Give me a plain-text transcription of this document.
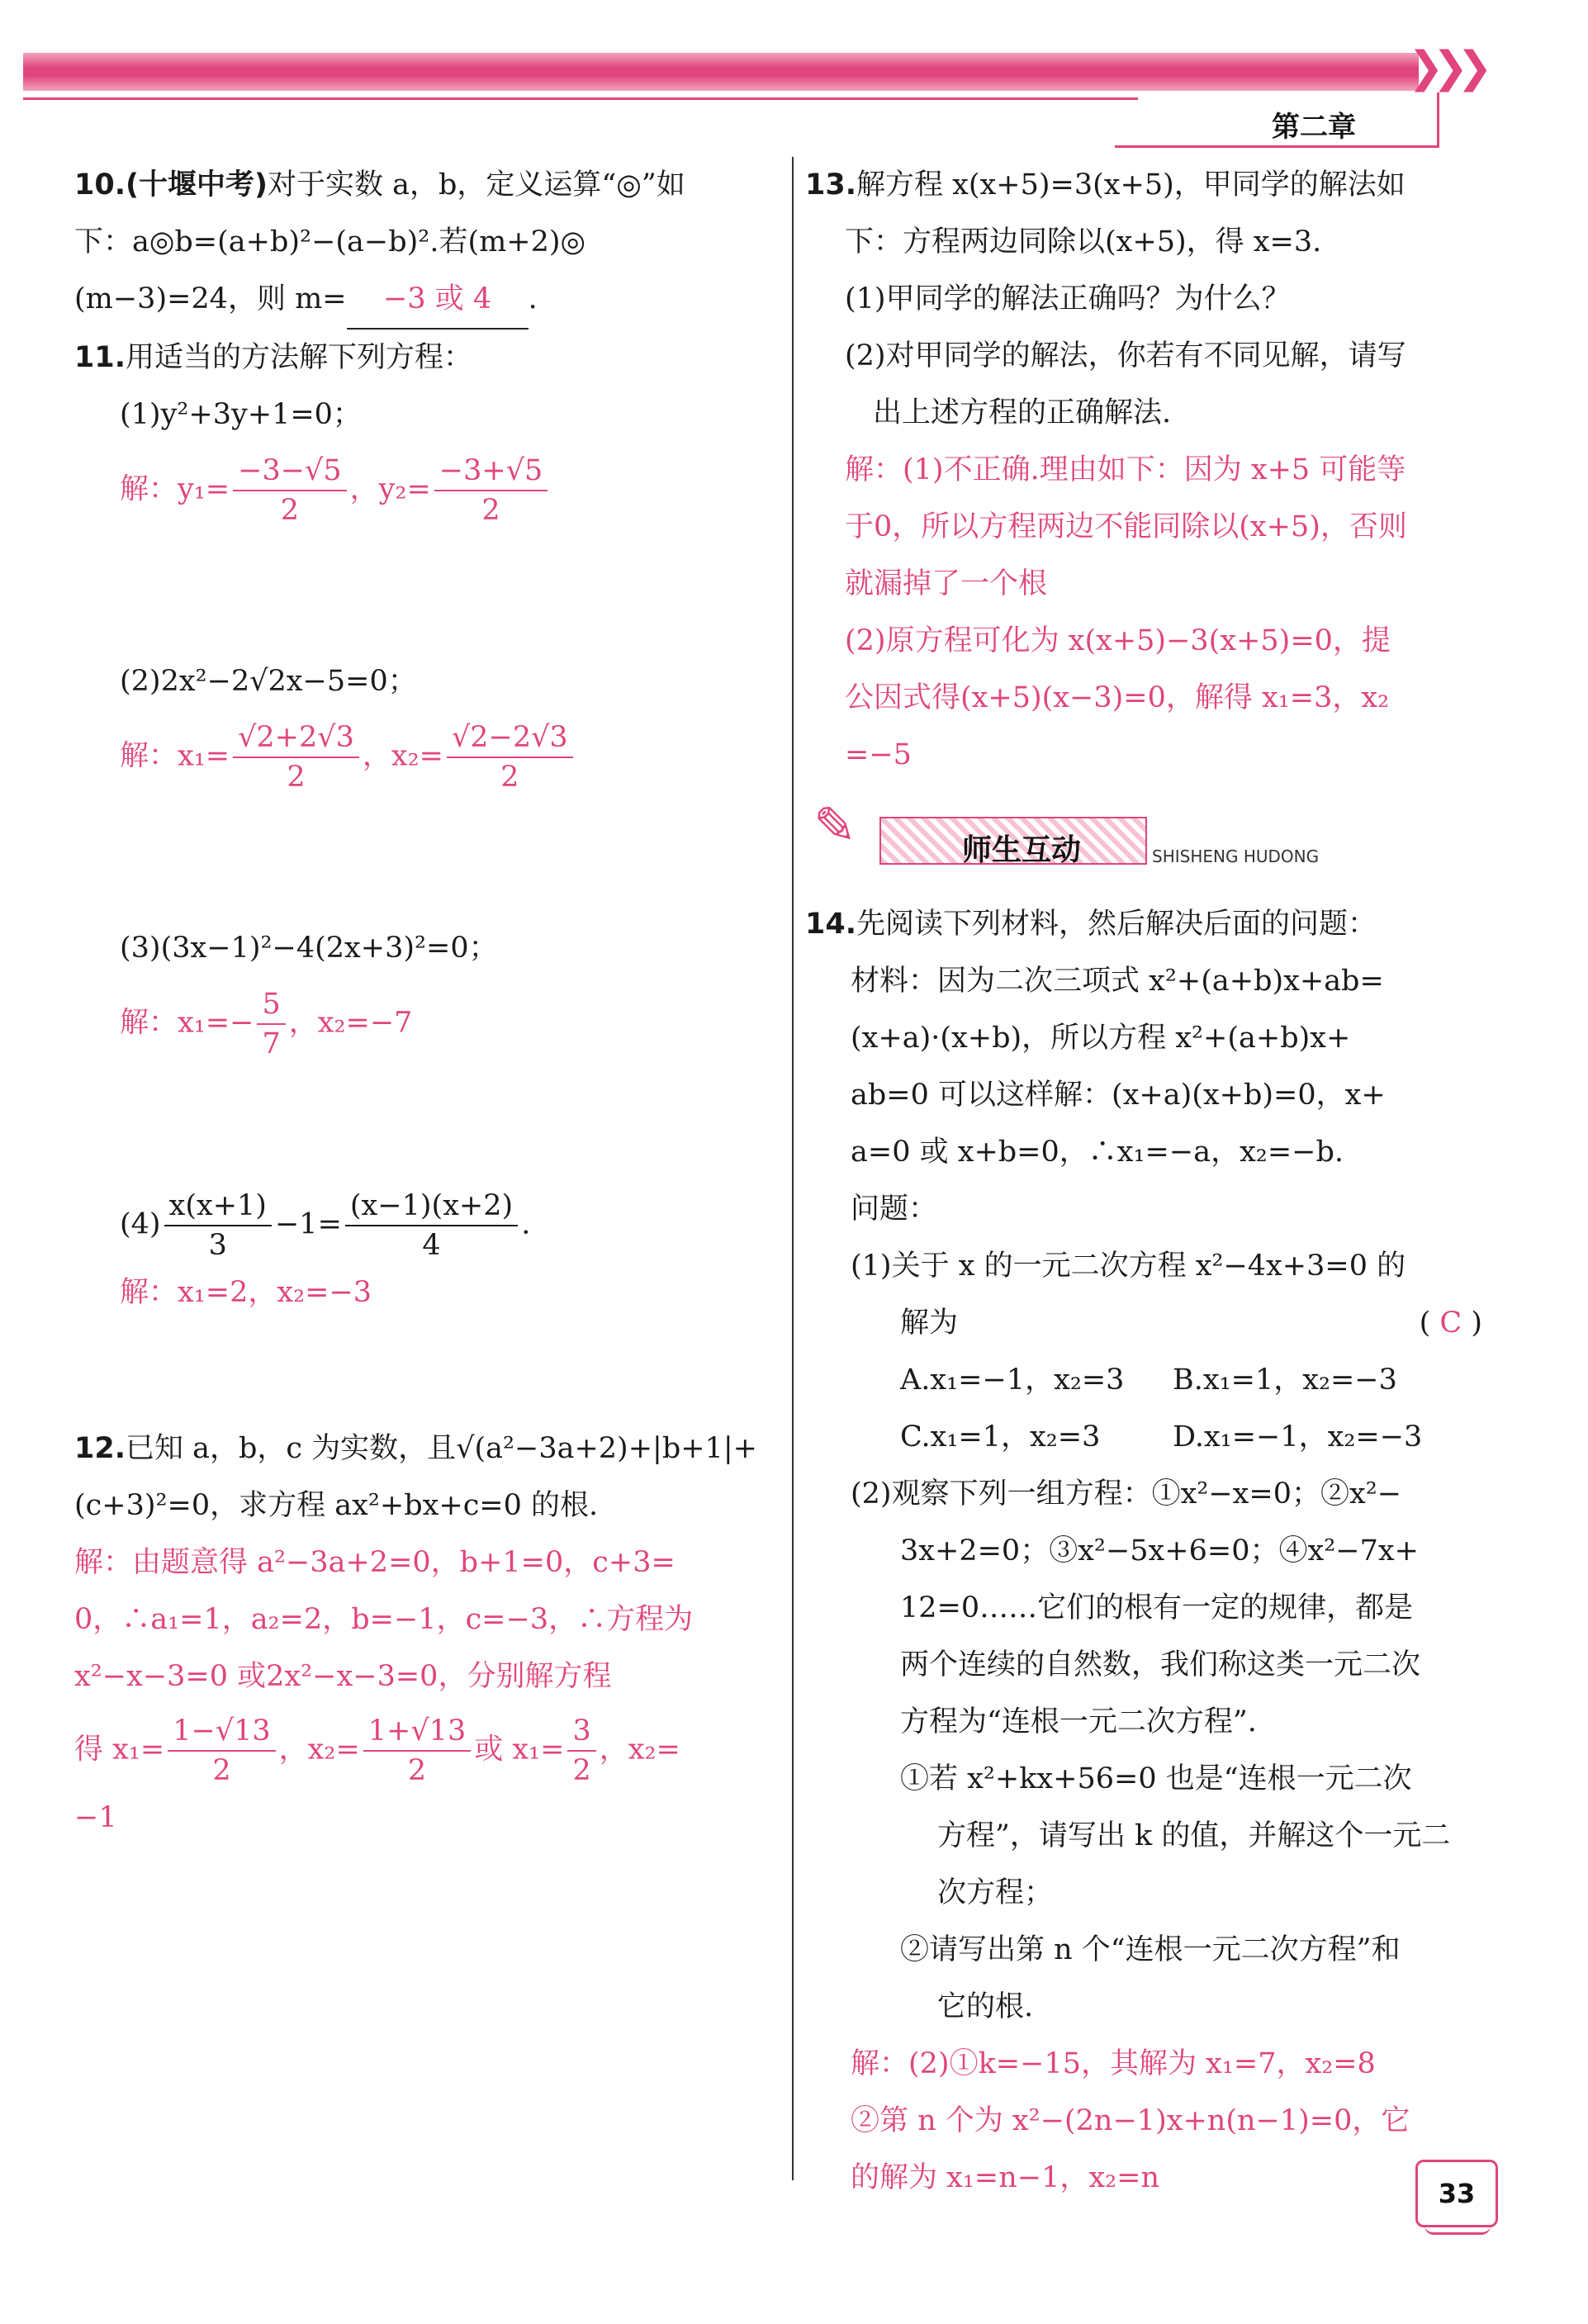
❯❯❯
第二章
10.(十堰中考)对于实数 a，b，定义运算“◎”如
下：a◎b=(a+b)²−(a−b)².若(m+2)◎
(m−3)=24，则 m= −3 或 4 .
11.用适当的方法解下列方程：
(1)y²+3y+1=0；
解：$y_1= \frac{-3-√5}{2}$ ，$y_2= \frac{-3+√5}{2}$
(2)2x²−2√2x−5=0；
解：$x_1= \frac{√2+2√3}{2}$ ，$x_2= \frac{√2-2√3}{2}$
(3)(3x−1)²−4(2x+3)²=0；
解：$x_1=- \frac{5}{7}$ ，x₂=−7
$(4) \frac{x(x+1)}{3} -1= \frac{(x-1)(x+2)}{4}$ .
解：x₁=2，x₂=−3
12.已知 a，b，c 为实数，且√(a²−3a+2)+|b+1|+
(c+3)²=0，求方程 ax²+bx+c=0 的根.
解：由题意得 a²−3a+2=0，b+1=0，c+3=
0，∴a₁=1，a₂=2，b=−1，c=−3，∴方程为
x²−x−3=0 或2x²−x−3=0，分别解方程
得 $x_1= \frac{1-√13}{2}$ ，$x_2= \frac{1+√13}{2}$ 或 $x_1= \frac{3}{2}$ ，x₂=
−1
13.解方程 x(x+5)=3(x+5)，甲同学的解法如
下：方程两边同除以(x+5)，得 x=3.
(1)甲同学的解法正确吗？为什么？
(2)对甲同学的解法，你若有不同见解，请写
出上述方程的正确解法.
解：(1)不正确.理由如下：因为 x+5 可能等
于0，所以方程两边不能同除以(x+5)，否则
就漏掉了一个根
(2)原方程可化为 x(x+5)−3(x+5)=0，提
公因式得(x+5)(x−3)=0，解得 x₁=3，x₂
=−5
✎	师生互动	SHISHENG HUDONG
14.先阅读下列材料，然后解决后面的问题：
材料：因为二次三项式 x²+(a+b)x+ab=
(x+a)·(x+b)，所以方程 x²+(a+b)x+
ab=0 可以这样解：(x+a)(x+b)=0，x+
a=0 或 x+b=0，∴x₁=−a，x₂=−b.
问题：
(1)关于 x 的一元二次方程 x²−4x+3=0 的
解为	( C )
A.x₁=−1，x₂=3 B.x₁=1，x₂=−3
C.x₁=1，x₂=3	D.x₁=−1，x₂=−3
(2)观察下列一组方程：①x²−x=0；②x²−
3x+2=0；③x²−5x+6=0；④x²−7x+
12=0……它们的根有一定的规律，都是
两个连续的自然数，我们称这类一元二次
方程为“连根一元二次方程”.
①若 x²+kx+56=0 也是“连根一元二次
方程”，请写出 k 的值，并解这个一元二
次方程；
②请写出第 n 个“连根一元二次方程”和
它的根.
解：(2)①k=−15，其解为 x₁=7，x₂=8
②第 n 个为 x²−(2n−1)x+n(n−1)=0，它
的解为 x₁=n−1，x₂=n	33
